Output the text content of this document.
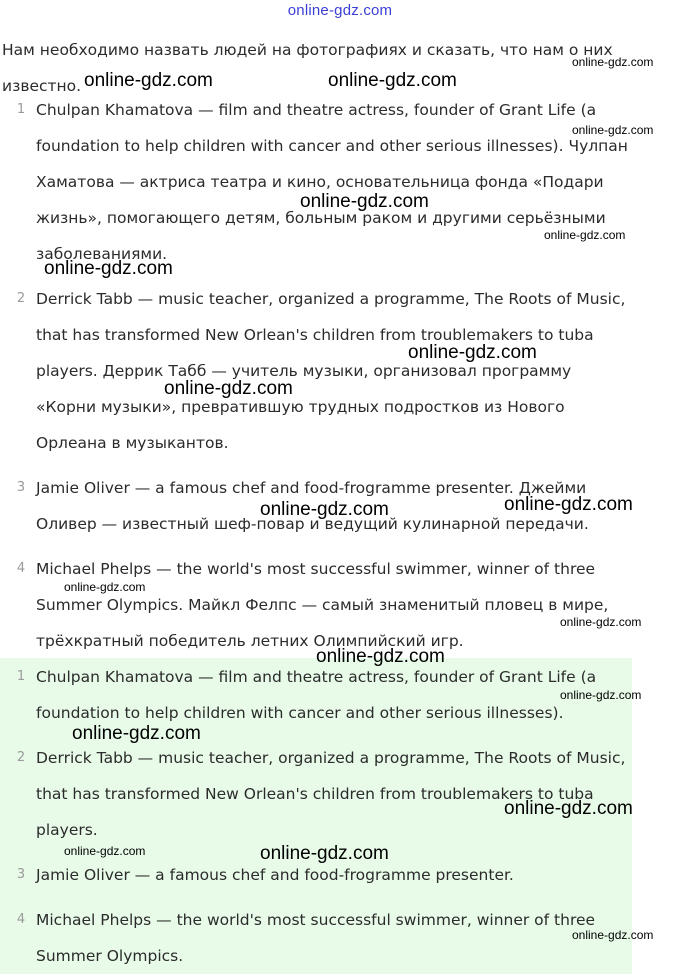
online-gdz.com
Нам необходимо назвать людей на фотографиях и сказать, что нам о них известно.
1 Chulpan Khamatova — film and theatre actress, founder of Grant Life (a foundation to help children with cancer and other serious illnesses). Чулпан Хаматова — актриса театра и кино, основательница фонда «Подари жизнь», помогающего детям, больным раком и другими серьёзными заболеваниями.
2 Derrick Tabb — music teacher, organized a programme, The Roots of Music, that has transformed New Orlean's children from troublemakers to tuba players. Деррик Табб — учитель музыки, организовал программу «Корни музыки», превратившую трудных подростков из Нового Орлеана в музыкантов.
3 Jamie Oliver — a famous chef and food-frogramme presenter. Джейми Оливер — известный шеф-повар и ведущий кулинарной передачи.
4 Michael Phelps — the world's most successful swimmer, winner of three Summer Olympics. Майкл Фелпс — самый знаменитый пловец в мире, трёхкратный победитель летних Олимпийский игр.
1 Chulpan Khamatova — film and theatre actress, founder of Grant Life (a foundation to help children with cancer and other serious illnesses).
2 Derrick Tabb — music teacher, organized a programme, The Roots of Music, that has transformed New Orlean's children from troublemakers to tuba players.
3 Jamie Oliver — a famous chef and food-frogramme presenter.
4 Michael Phelps — the world's most successful swimmer, winner of three Summer Olympics.
online-gdz.com	online-gdz.com
online-gdz.com
online-gdz.com
online-gdz.com
online-gdz.com
online-gdz.com
online-gdz.com
online-gdz.com
online-gdz.com	online-gdz.com
online-gdz.com
online-gdz.com
online-gdz.com
online-gdz.com
online-gdz.com
online-gdz.com
online-gdz.com	online-gdz.com
online-gdz.com
